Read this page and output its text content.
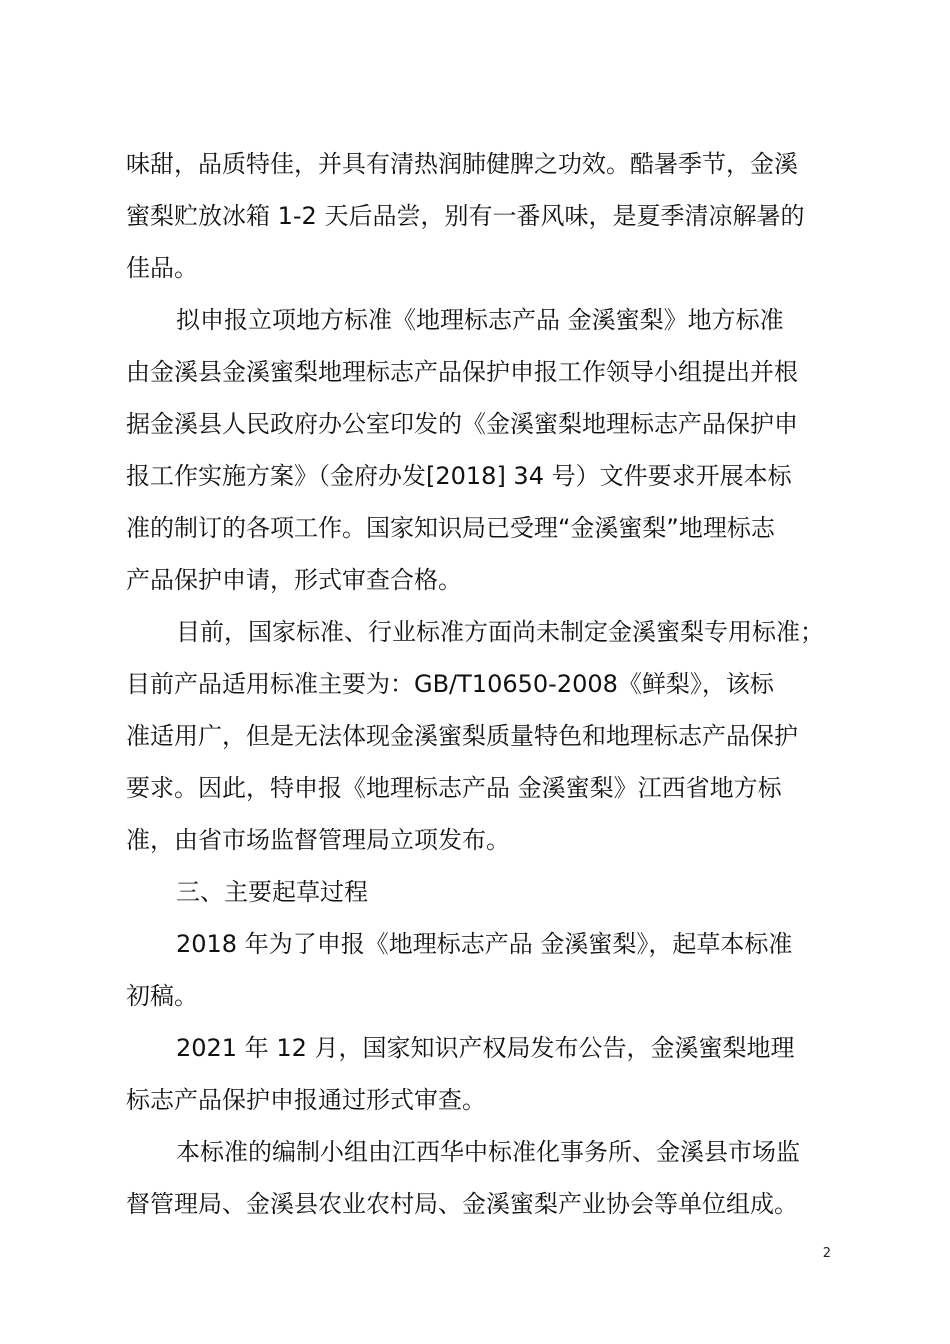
味甜，品质特佳，并具有清热润肺健脾之功效。酷暑季节，金溪
蜜梨贮放冰箱 1-2 天后品尝，别有一番风味，是夏季清凉解暑的
佳品。
拟申报立项地方标准《地理标志产品 金溪蜜梨》地方标准
由金溪县金溪蜜梨地理标志产品保护申报工作领导小组提出并根
据金溪县人民政府办公室印发的《金溪蜜梨地理标志产品保护申
报工作实施方案》（金府办发[2018] 34 号）文件要求开展本标
准的制订的各项工作。国家知识局已受理“金溪蜜梨”地理标志
产品保护申请，形式审查合格。
目前，国家标准、行业标准方面尚未制定金溪蜜梨专用标准；
目前产品适用标准主要为：GB/T10650-2008《鲜梨》，该标
准适用广，但是无法体现金溪蜜梨质量特色和地理标志产品保护
要求。因此，特申报《地理标志产品 金溪蜜梨》江西省地方标
准，由省市场监督管理局立项发布。
三、主要起草过程
2018 年为了申报《地理标志产品 金溪蜜梨》，起草本标准
初稿。
2021 年 12 月，国家知识产权局发布公告，金溪蜜梨地理
标志产品保护申报通过形式审查。
本标准的编制小组由江西华中标准化事务所、金溪县市场监
督管理局、金溪县农业农村局、金溪蜜梨产业协会等单位组成。
2
